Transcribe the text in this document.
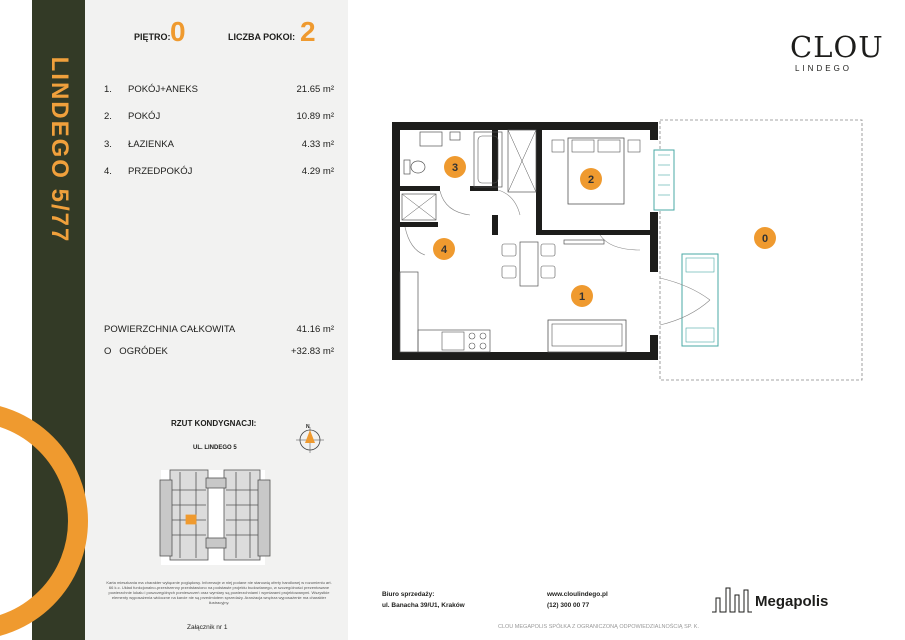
LINDEGO 5/77
PIĘTRO: 0	LICZBA POKOI: 2
1. POKÓJ+ANEKS	21.65 m²
2. POKÓJ	10.89 m²
3. ŁAZIENKA	4.33 m²
4. PRZEDPOKÓJ	4.29 m²
POWIERZCHNIA CAŁKOWITA	41.16 m²
O   OGRÓDEK	+32.83 m²
RZUT KONDYGNACJI:
UL. LINDEGO 5
N
Karta mieszkania ma charakter wyłącznie poglądowy. Informacje w niej podane nie stanowią oferty handlowej w rozumieniu art. 66 k.c. Układ funkcjonalno-przestrzenny przedstawiono na podstawie projektu budowlanego, w szczególności prezentowane powierzchnie lokalu i poszczególnych pomieszczeń oraz wymiary są powierzchniami i wymiarami projektowanymi. Wszystkie elementy wyposażenia widoczne na karcie nie są przedmiotem sprzedaży. Aranżacja wnętrza wyposażenie ma charakter ilustracyjny.
Załącznik nr 1
CLOU
LINDEGO
Biuro sprzedaży:
ul. Banacha 39/U1, Kraków
www.cloulindego.pl
(12) 300 00 77	Megapolis
CLOU MEGAPOLIS SPÓŁKA Z OGRANICZONĄ ODPOWIEDZIALNOŚCIĄ SP. K.
3
2
4
1
0
